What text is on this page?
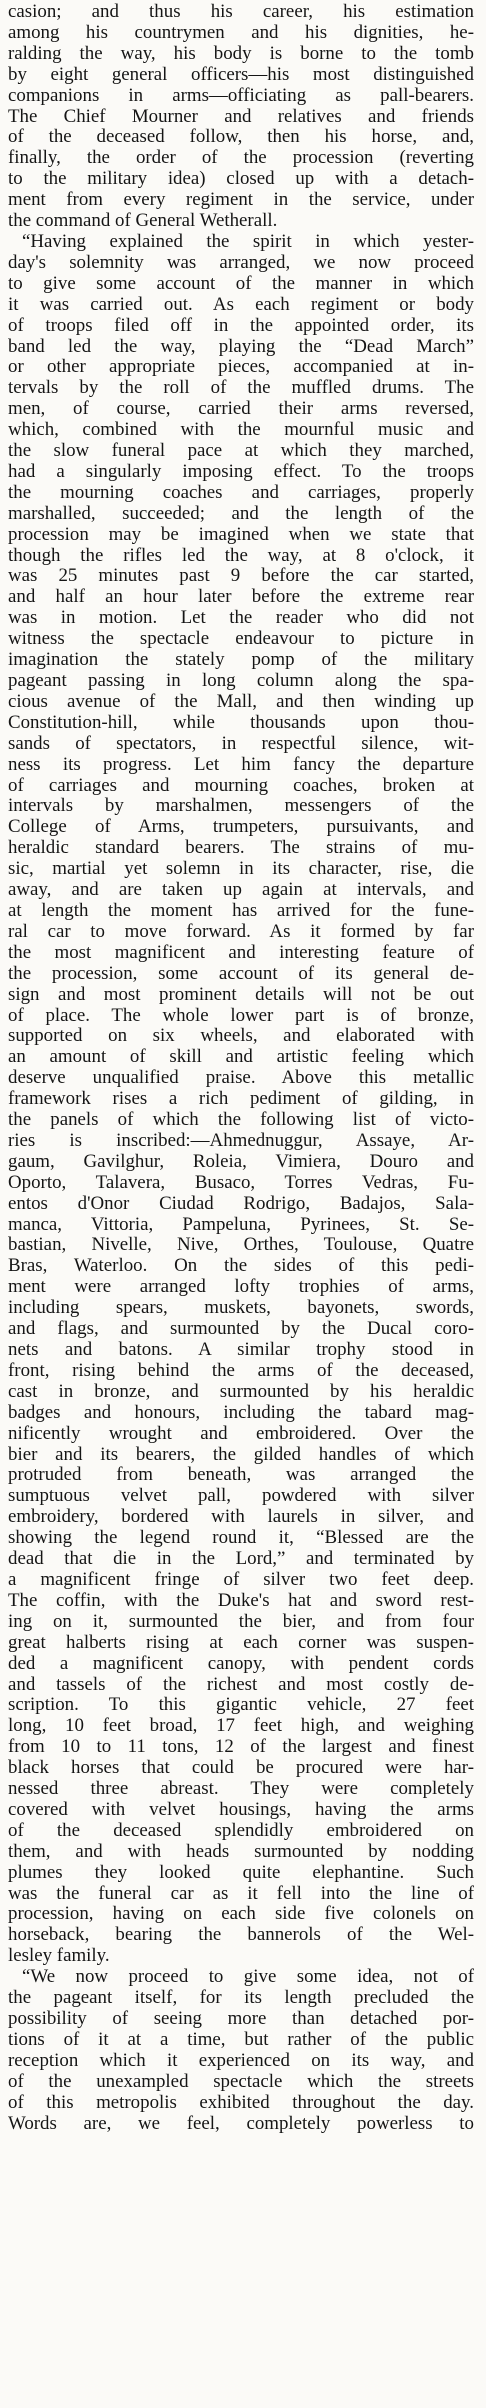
casion; and thus his career, his estimation

among his countrymen and his dignities, he-

ralding the way, his body is borne to the tomb

by eight general officers—his most distinguished

companions in arms—officiating as pall-bearers.

The Chief Mourner and relatives and friends

of the deceased follow, then his horse, and,

finally, the order of the procession (reverting

to the military idea) closed up with a detach-

ment from every regiment in the service, under

the command of General Wetherall.

“Having explained the spirit in which yester-

day's solemnity was arranged, we now proceed

to give some account of the manner in which

it was carried out. As each regiment or body

of troops filed off in the appointed order, its

band led the way, playing the “Dead March”

or other appropriate pieces, accompanied at in-

tervals by the roll of the muffled drums. The

men, of course, carried their arms reversed,

which, combined with the mournful music and

the slow funeral pace at which they marched,

had a singularly imposing effect. To the troops

the mourning coaches and carriages, properly

marshalled, succeeded; and the length of the

procession may be imagined when we state that

though the rifles led the way, at 8 o'clock, it

was 25 minutes past 9 before the car started,

and half an hour later before the extreme rear

was in motion. Let the reader who did not

witness the spectacle endeavour to picture in

imagination the stately pomp of the military

pageant passing in long column along the spa-

cious avenue of the Mall, and then winding up

Constitution-hill, while thousands upon thou-

sands of spectators, in respectful silence, wit-

ness its progress. Let him fancy the departure

of carriages and mourning coaches, broken at

intervals by marshalmen, messengers of the

College of Arms, trumpeters, pursuivants, and

heraldic standard bearers. The strains of mu-

sic, martial yet solemn in its character, rise, die

away, and are taken up again at intervals, and

at length the moment has arrived for the fune-

ral car to move forward. As it formed by far

the most magnificent and interesting feature of

the procession, some account of its general de-

sign and most prominent details will not be out

of place. The whole lower part is of bronze,

supported on six wheels, and elaborated with

an amount of skill and artistic feeling which

deserve unqualified praise. Above this metallic

framework rises a rich pediment of gilding, in

the panels of which the following list of victo-

ries is inscribed:—Ahmednuggur, Assaye, Ar-

gaum, Gavilghur, Roleia, Vimiera, Douro and

Oporto, Talavera, Busaco, Torres Vedras, Fu-

entos d'Onor Ciudad Rodrigo, Badajos, Sala-

manca, Vittoria, Pampeluna, Pyrinees, St. Se-

bastian, Nivelle, Nive, Orthes, Toulouse, Quatre

Bras, Waterloo. On the sides of this pedi-

ment were arranged lofty trophies of arms,

including spears, muskets, bayonets, swords,

and flags, and surmounted by the Ducal coro-

nets and batons. A similar trophy stood in

front, rising behind the arms of the deceased,

cast in bronze, and surmounted by his heraldic

badges and honours, including the tabard mag-

nificently wrought and embroidered. Over the

bier and its bearers, the gilded handles of which

protruded from beneath, was arranged the

sumptuous velvet pall, powdered with silver

embroidery, bordered with laurels in silver, and

showing the legend round it, “Blessed are the

dead that die in the Lord,” and terminated by

a magnificent fringe of silver two feet deep.

The coffin, with the Duke's hat and sword rest-

ing on it, surmounted the bier, and from four

great halberts rising at each corner was suspen-

ded a magnificent canopy, with pendent cords

and tassels of the richest and most costly de-

scription. To this gigantic vehicle, 27 feet

long, 10 feet broad, 17 feet high, and weighing

from 10 to 11 tons, 12 of the largest and finest

black horses that could be procured were har-

nessed three abreast. They were completely

covered with velvet housings, having the arms

of the deceased splendidly embroidered on

them, and with heads surmounted by nodding

plumes they looked quite elephantine. Such

was the funeral car as it fell into the line of

procession, having on each side five colonels on

horseback, bearing the bannerols of the Wel-

lesley family.

“We now proceed to give some idea, not of

the pageant itself, for its length precluded the

possibility of seeing more than detached por-

tions of it at a time, but rather of the public

reception which it experienced on its way, and

of the unexampled spectacle which the streets

of this metropolis exhibited throughout the day.

Words are, we feel, completely powerless to
